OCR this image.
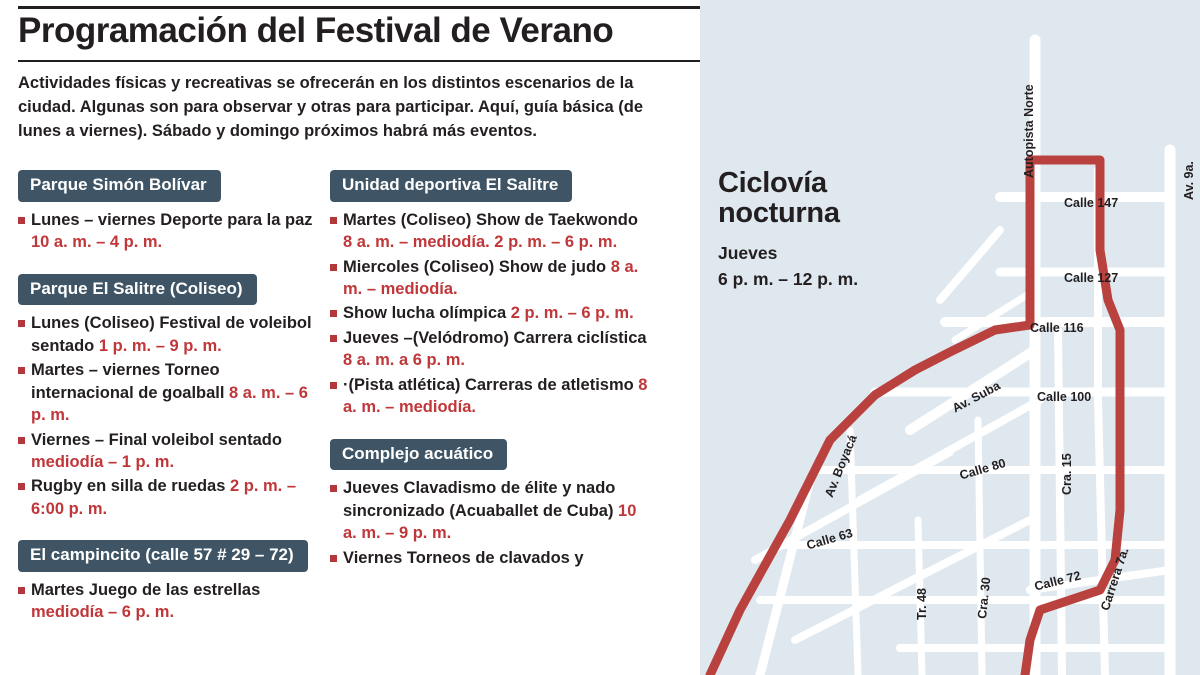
Programación del Festival de Verano
Actividades físicas y recreativas se ofrecerán en los distintos escenarios de la ciudad. Algunas son para observar y otras para participar. Aquí, guía básica (de lunes a viernes). Sábado y domingo próximos habrá más eventos.
Parque Simón Bolívar
Lunes – viernes Deporte para la paz 10 a. m. – 4 p. m.
Parque El Salitre (Coliseo)
Lunes (Coliseo) Festival de voleibol sentado 1 p. m. – 9 p. m.
Martes – viernes Torneo internacional de goalball 8 a. m. – 6 p. m.
Viernes – Final voleibol sentado mediodía – 1 p. m.
Rugby en silla de ruedas 2 p. m. – 6:00 p. m.
El campincito (calle 57 # 29 – 72)
Martes Juego de las estrellas mediodía – 6 p. m.
Unidad deportiva El Salitre
Martes (Coliseo) Show de Taekwondo 8 a. m. – mediodía. 2 p. m. – 6 p. m.
Miercoles (Coliseo) Show de judo 8 a. m. – mediodía.
Show lucha olímpica 2 p. m. – 6 p. m.
Jueves –(Velódromo) Carrera ciclística 8 a. m. a 6 p. m.
·(Pista atlética) Carreras de atletismo 8 a. m. – mediodía.
Complejo acuático
Jueves Clavadismo de élite y nado sincronizado (Acuaballet de Cuba) 10 a. m. – 9 p. m.
Viernes Torneos de clavados y
Ciclovía
nocturna
Jueves
6 p. m. – 12 p. m.
Calle 147
Autopista Norte
Av. 9a.
Calle 127
Calle 116
Calle 100
Av. Suba
Cra. 15
Calle 80
Av. Boyacá
Calle 63
Calle 72 Carrera 7a.
Tr. 48	Cra. 30
